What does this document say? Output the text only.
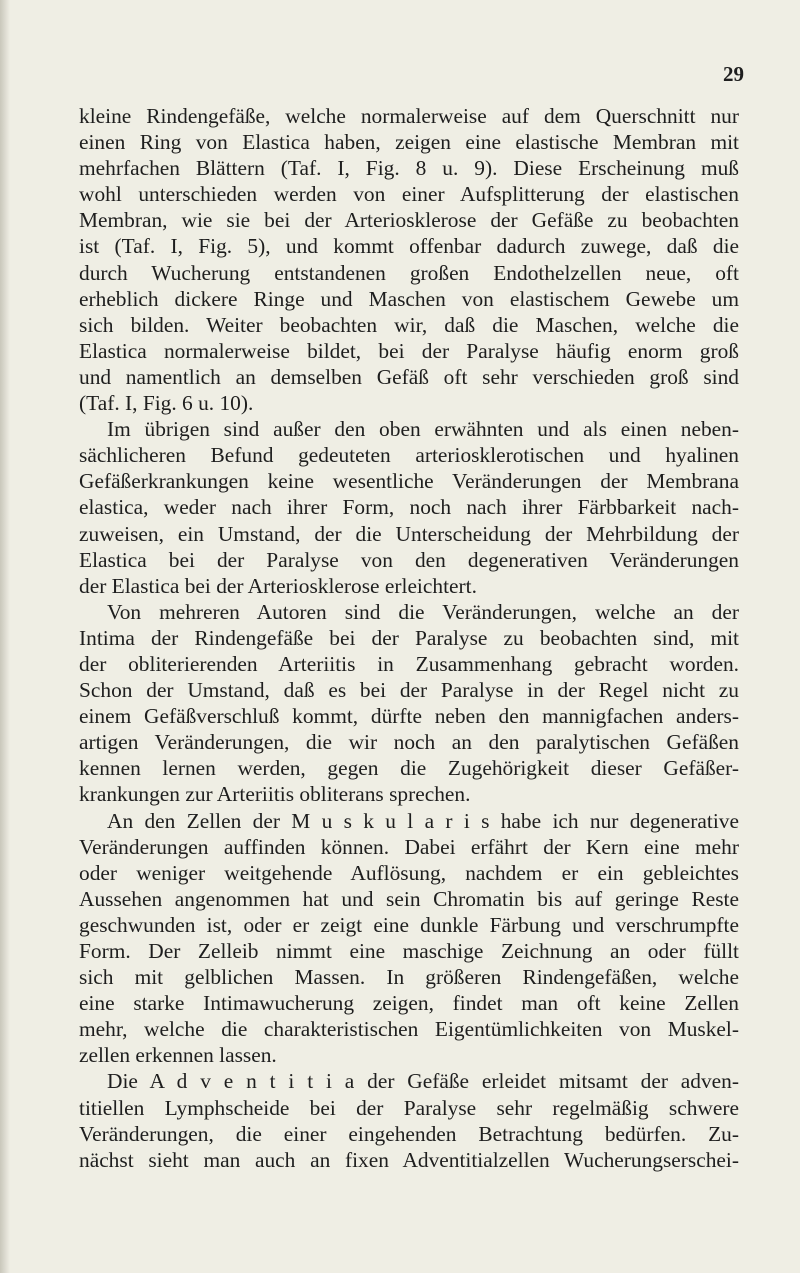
29
kleine Rindengefäße, welche normalerweise auf dem Querschnitt nur
einen Ring von Elastica haben, zeigen eine elastische Membran mit
mehrfachen Blättern (Taf. I, Fig. 8 u. 9). Diese Erscheinung muß
wohl unterschieden werden von einer Aufsplitterung der elastischen
Membran, wie sie bei der Arteriosklerose der Gefäße zu beobachten
ist (Taf. I, Fig. 5), und kommt offenbar dadurch zuwege, daß die
durch Wucherung entstandenen großen Endothelzellen neue, oft
erheblich dickere Ringe und Maschen von elastischem Gewebe um
sich bilden. Weiter beobachten wir, daß die Maschen, welche die
Elastica normalerweise bildet, bei der Paralyse häufig enorm groß
und namentlich an demselben Gefäß oft sehr verschieden groß sind
(Taf. I, Fig. 6 u. 10).
Im übrigen sind außer den oben erwähnten und als einen neben-
sächlicheren Befund gedeuteten arteriosklerotischen und hyalinen
Gefäßerkrankungen keine wesentliche Veränderungen der Membrana
elastica, weder nach ihrer Form, noch nach ihrer Färbbarkeit nach-
zuweisen, ein Umstand, der die Unterscheidung der Mehrbildung der
Elastica bei der Paralyse von den degenerativen Veränderungen
der Elastica bei der Arteriosklerose erleichtert.
Von mehreren Autoren sind die Veränderungen, welche an der
Intima der Rindengefäße bei der Paralyse zu beobachten sind, mit
der obliterierenden Arteriitis in Zusammenhang gebracht worden.
Schon der Umstand, daß es bei der Paralyse in der Regel nicht zu
einem Gefäßverschluß kommt, dürfte neben den mannigfachen anders-
artigen Veränderungen, die wir noch an den paralytischen Gefäßen
kennen lernen werden, gegen die Zugehörigkeit dieser Gefäßer-
krankungen zur Arteriitis obliterans sprechen.
An den Zellen der M u s k u l a r i s habe ich nur degenerative
Veränderungen auffinden können. Dabei erfährt der Kern eine mehr
oder weniger weitgehende Auflösung, nachdem er ein gebleichtes
Aussehen angenommen hat und sein Chromatin bis auf geringe Reste
geschwunden ist, oder er zeigt eine dunkle Färbung und verschrumpfte
Form. Der Zelleib nimmt eine maschige Zeichnung an oder füllt
sich mit gelblichen Massen. In größeren Rindengefäßen, welche
eine starke Intimawucherung zeigen, findet man oft keine Zellen
mehr, welche die charakteristischen Eigentümlichkeiten von Muskel-
zellen erkennen lassen.
Die A d v e n t i t i a der Gefäße erleidet mitsamt der adven-
titiellen Lymphscheide bei der Paralyse sehr regelmäßig schwere
Veränderungen, die einer eingehenden Betrachtung bedürfen. Zu-
nächst sieht man auch an fixen Adventitialzellen Wucherungserschei-
